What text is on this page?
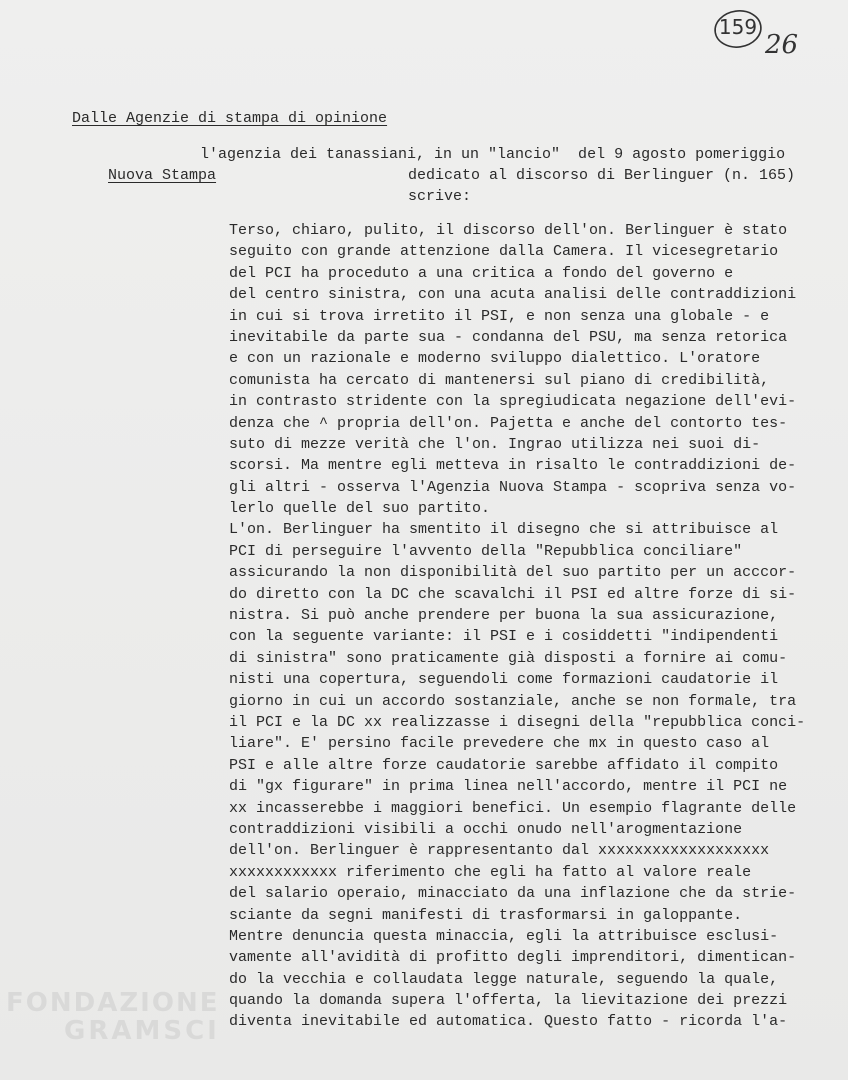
159
26
Dalle Agenzie di stampa di opinione

Nuova Stampa

l'agenzia dei tanassiani, in un "lancio"  del 9 agosto pomeriggio

dedicato al discorso di Berlinguer (n. 165)

scrive:

Terso, chiaro, pulito, il discorso dell'on. Berlinguer è stato
seguito con grande attenzione dalla Camera. Il vicesegretario
del PCI ha proceduto a una critica a fondo del governo e
del centro sinistra, con una acuta analisi delle contraddizioni
in cui si trova irretito il PSI, e non senza una globale - e
inevitabile da parte sua - condanna del PSU, ma senza retorica
e con un razionale e moderno sviluppo dialettico. L'oratore
comunista ha cercato di mantenersi sul piano di credibilità,
in contrasto stridente con la spregiudicata negazione dell'evi-
denza che ^ propria dell'on. Pajetta e anche del contorto tes-
suto di mezze verità che l'on. Ingrao utilizza nei suoi di-
scorsi. Ma mentre egli metteva in risalto le contraddizioni de-
gli altri - osserva l'Agenzia Nuova Stampa - scopriva senza vo-
lerlo quelle del suo partito.
L'on. Berlinguer ha smentito il disegno che si attribuisce al
PCI di perseguire l'avvento della "Repubblica conciliare"
assicurando la non disponibilità del suo partito per un acccor-
do diretto con la DC che scavalchi il PSI ed altre forze di si-
nistra. Si può anche prendere per buona la sua assicurazione,
con la seguente variante: il PSI e i cosiddetti "indipendenti
di sinistra" sono praticamente già disposti a fornire ai comu-
nisti una copertura, seguendoli come formazioni caudatorie il
giorno in cui un accordo sostanziale, anche se non formale, tra
il PCI e la DC xx realizzasse i disegni della "repubblica conci-
liare". E' persino facile prevedere che mx in questo caso al
PSI e alle altre forze caudatorie sarebbe affidato il compito
di "gx figurare" in prima linea nell'accordo, mentre il PCI ne
xx incasserebbe i maggiori benefici. Un esempio flagrante delle
contraddizioni visibili a occhi onudo nell'arogmentazione
dell'on. Berlinguer è rappresentanto dal xxxxxxxxxxxxxxxxxxx
xxxxxxxxxxxx riferimento che egli ha fatto al valore reale
del salario operaio, minacciato da una inflazione che da strie-
sciante da segni manifesti di trasformarsi in galoppante.
Mentre denuncia questa minaccia, egli la attribuisce esclusi-
vamente all'avidità di profitto degli imprenditori, dimentican-
do la vecchia e collaudata legge naturale, seguendo la quale,
quando la domanda supera l'offerta, la lievitazione dei prezzi
diventa inevitabile ed automatica. Questo fatto - ricorda l'a-
FONDAZIONE
GRAMSCI
